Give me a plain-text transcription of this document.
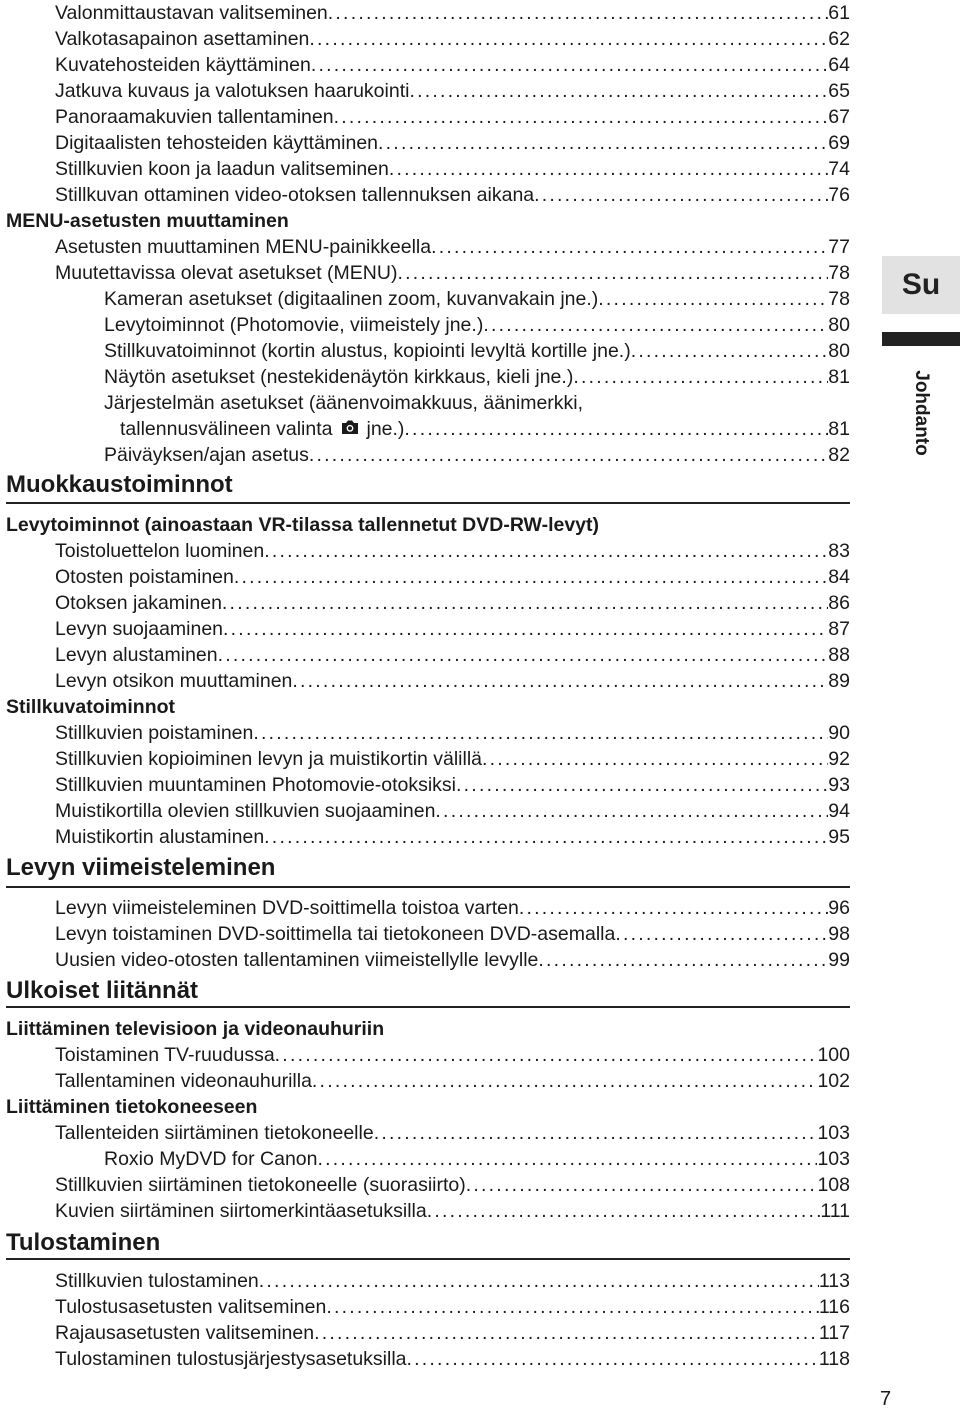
Valonmittaustavan valitseminen . . .	61
Valkotasapainon asettaminen . . .	62
Kuvatehosteiden käyttäminen . . .	64
Jatkuva kuvaus ja valotuksen haarukointi . . .	65
Panoraamakuvien tallentaminen . . .	67
Digitaalisten tehosteiden käyttäminen . . .	69
Stillkuvien koon ja laadun valitseminen . . .	74
Stillkuvan ottaminen video-otoksen tallennuksen aikana . . .	76
MENU-asetusten muuttaminen
Asetusten muuttaminen MENU-painikkeella . . .	77
Muutettavissa olevat asetukset (MENU) . . .	78
Kameran asetukset (digitaalinen zoom, kuvanvakain jne.) . . .	78
Levytoiminnot (Photomovie, viimeistely jne.) . . .	80
Stillkuvatoiminnot (kortin alustus, kopiointi levyltä kortille jne.) . . .	80
Näytön asetukset (nestekidenäytön kirkkaus, kieli jne.) . . .	81
Järjestelmän asetukset (äänenvoimakkuus, äänimerkki,
tallennusvälineen valinta jne.) . . .	81
Päiväyksen/ajan asetus . . .	82
Muokkaustoiminnot
Levytoiminnot (ainoastaan VR-tilassa tallennetut DVD-RW-levyt)
Toistoluettelon luominen . . .	83
Otosten poistaminen . . .	84
Otoksen jakaminen . . .	86
Levyn suojaaminen . . .	87
Levyn alustaminen . . .	88
Levyn otsikon muuttaminen . . .	89
Stillkuvatoiminnot
Stillkuvien poistaminen . . .	90
Stillkuvien kopioiminen levyn ja muistikortin välillä . . .	92
Stillkuvien muuntaminen Photomovie-otoksiksi . . .	93
Muistikortilla olevien stillkuvien suojaaminen . . .	94
Muistikortin alustaminen . . .	95
Levyn viimeisteleminen
Levyn viimeisteleminen DVD-soittimella toistoa varten . . .	96
Levyn toistaminen DVD-soittimella tai tietokoneen DVD-asemalla . . .	98
Uusien video-otosten tallentaminen viimeistellylle levylle . . .	99
Ulkoiset liitännät
Liittäminen televisioon ja videonauhuriin
Toistaminen TV-ruudussa . . .	100
Tallentaminen videonauhurilla . . .	102
Liittäminen tietokoneeseen
Tallenteiden siirtäminen tietokoneelle . . .	103
Roxio MyDVD for Canon . . .	103
Stillkuvien siirtäminen tietokoneelle (suorasiirto) . . .	108
Kuvien siirtäminen siirtomerkintäasetuksilla . . .	111
Tulostaminen
Stillkuvien tulostaminen . . .	113
Tulostusasetusten valitseminen . . .	116
Rajausasetusten valitseminen . . .	117
Tulostaminen tulostusjärjestysasetuksilla . . .	118
Su
Johdanto
7
